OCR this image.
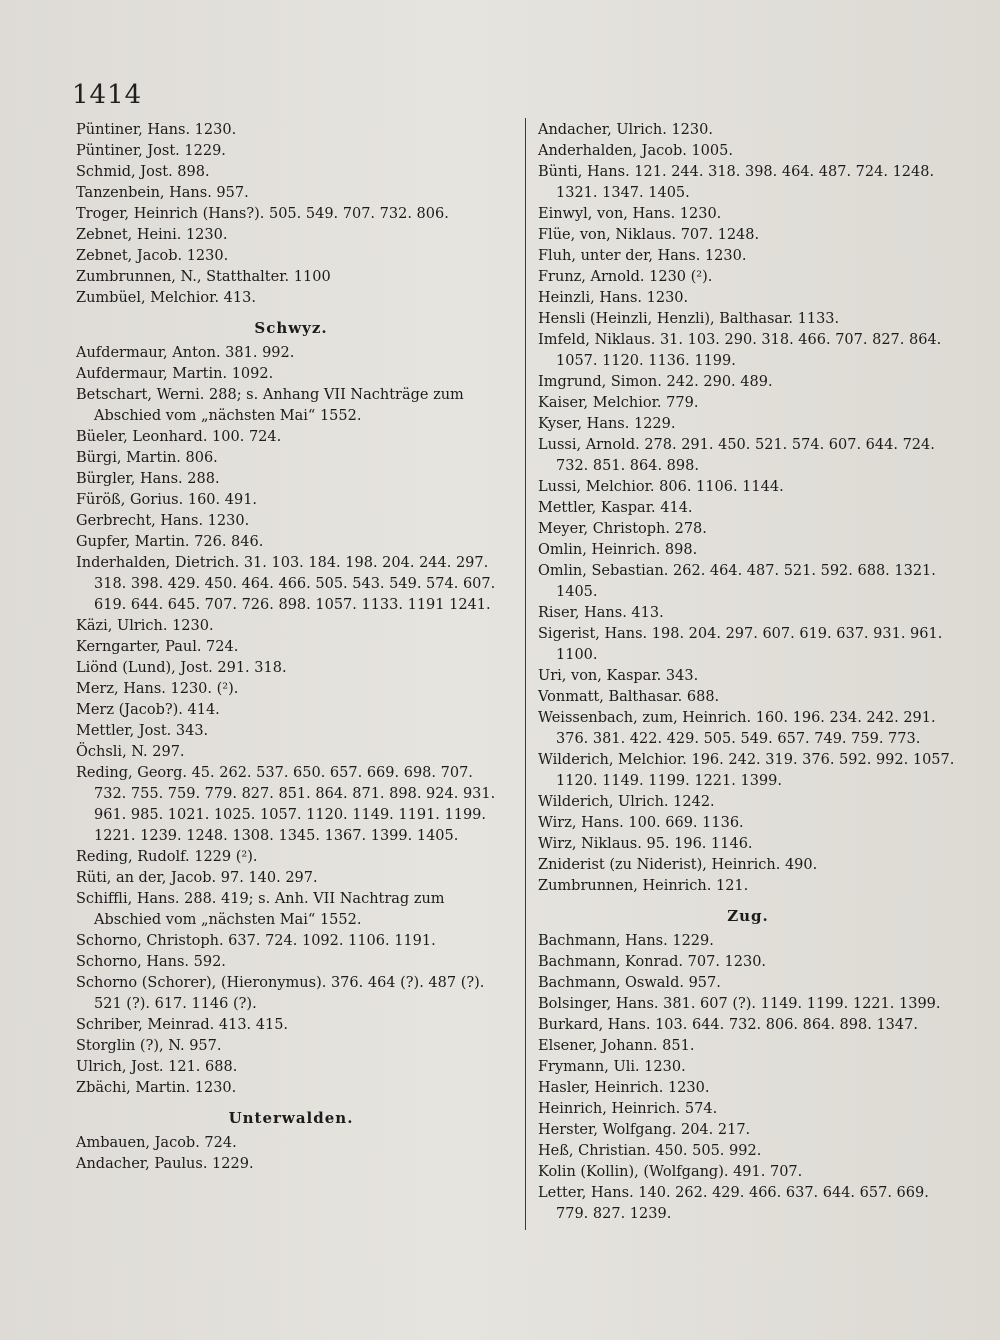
1414
Püntiner, Hans. 1230.
Püntiner, Jost. 1229.
Schmid, Jost. 898.
Tanzenbein, Hans. 957.
Troger, Heinrich (Hans?). 505. 549. 707. 732. 806.
Zebnet, Heini. 1230.
Zebnet, Jacob. 1230.
Zumbrunnen, N., Statthalter. 1100
Zumbüel, Melchior. 413.
Schwyz.
Aufdermaur, Anton. 381. 992.
Aufdermaur, Martin. 1092.
Betschart, Werni. 288; s. Anhang VII Nachträge zum Abschied vom „nächsten Mai“ 1552.
Büeler, Leonhard. 100. 724.
Bürgi, Martin. 806.
Bürgler, Hans. 288.
Füröß, Gorius. 160. 491.
Gerbrecht, Hans. 1230.
Gupfer, Martin. 726. 846.
Inderhalden, Dietrich. 31. 103. 184. 198. 204. 244. 297. 318. 398. 429. 450. 464. 466. 505. 543. 549. 574. 607. 619. 644. 645. 707. 726. 898. 1057. 1133. 1191 1241.
Käzi, Ulrich. 1230.
Kerngarter, Paul. 724.
Liönd (Lund), Jost. 291. 318.
Merz, Hans. 1230. (²).
Merz (Jacob?). 414.
Mettler, Jost. 343.
Öchsli, N. 297.
Reding, Georg. 45. 262. 537. 650. 657. 669. 698. 707. 732. 755. 759. 779. 827. 851. 864. 871. 898. 924. 931. 961. 985. 1021. 1025. 1057. 1120. 1149. 1191. 1199. 1221. 1239. 1248. 1308. 1345. 1367. 1399. 1405.
Reding, Rudolf. 1229 (²).
Rüti, an der, Jacob. 97. 140. 297.
Schiffli, Hans. 288. 419; s. Anh. VII Nachtrag zum Abschied vom „nächsten Mai“ 1552.
Schorno, Christoph. 637. 724. 1092. 1106. 1191.
Schorno, Hans. 592.
Schorno (Schorer), (Hieronymus). 376. 464 (?). 487 (?). 521 (?). 617. 1146 (?).
Schriber, Meinrad. 413. 415.
Storglin (?), N. 957.
Ulrich, Jost. 121. 688.
Zbächi, Martin. 1230.
Unterwalden.
Ambauen, Jacob. 724.
Andacher, Paulus. 1229.
Andacher, Ulrich. 1230.
Anderhalden, Jacob. 1005.
Bünti, Hans. 121. 244. 318. 398. 464. 487. 724. 1248. 1321. 1347. 1405.
Einwyl, von, Hans. 1230.
Flüe, von, Niklaus. 707. 1248.
Fluh, unter der, Hans. 1230.
Frunz, Arnold. 1230 (²).
Heinzli, Hans. 1230.
Hensli (Heinzli, Henzli), Balthasar. 1133.
Imfeld, Niklaus. 31. 103. 290. 318. 466. 707. 827. 864. 1057. 1120. 1136. 1199.
Imgrund, Simon. 242. 290. 489.
Kaiser, Melchior. 779.
Kyser, Hans. 1229.
Lussi, Arnold. 278. 291. 450. 521. 574. 607. 644. 724. 732. 851. 864. 898.
Lussi, Melchior. 806. 1106. 1144.
Mettler, Kaspar. 414.
Meyer, Christoph. 278.
Omlin, Heinrich. 898.
Omlin, Sebastian. 262. 464. 487. 521. 592. 688. 1321. 1405.
Riser, Hans. 413.
Sigerist, Hans. 198. 204. 297. 607. 619. 637. 931. 961. 1100.
Uri, von, Kaspar. 343.
Vonmatt, Balthasar. 688.
Weissenbach, zum, Heinrich. 160. 196. 234. 242. 291. 376. 381. 422. 429. 505. 549. 657. 749. 759. 773.
Wilderich, Melchior. 196. 242. 319. 376. 592. 992. 1057. 1120. 1149. 1199. 1221. 1399.
Wilderich, Ulrich. 1242.
Wirz, Hans. 100. 669. 1136.
Wirz, Niklaus. 95. 196. 1146.
Zniderist (zu Niderist), Heinrich. 490.
Zumbrunnen, Heinrich. 121.
Zug.
Bachmann, Hans. 1229.
Bachmann, Konrad. 707. 1230.
Bachmann, Oswald. 957.
Bolsinger, Hans. 381. 607 (?). 1149. 1199. 1221. 1399.
Burkard, Hans. 103. 644. 732. 806. 864. 898. 1347.
Elsener, Johann. 851.
Frymann, Uli. 1230.
Hasler, Heinrich. 1230.
Heinrich, Heinrich. 574.
Herster, Wolfgang. 204. 217.
Heß, Christian. 450. 505. 992.
Kolin (Kollin), (Wolfgang). 491. 707.
Letter, Hans. 140. 262. 429. 466. 637. 644. 657. 669. 779. 827. 1239.
